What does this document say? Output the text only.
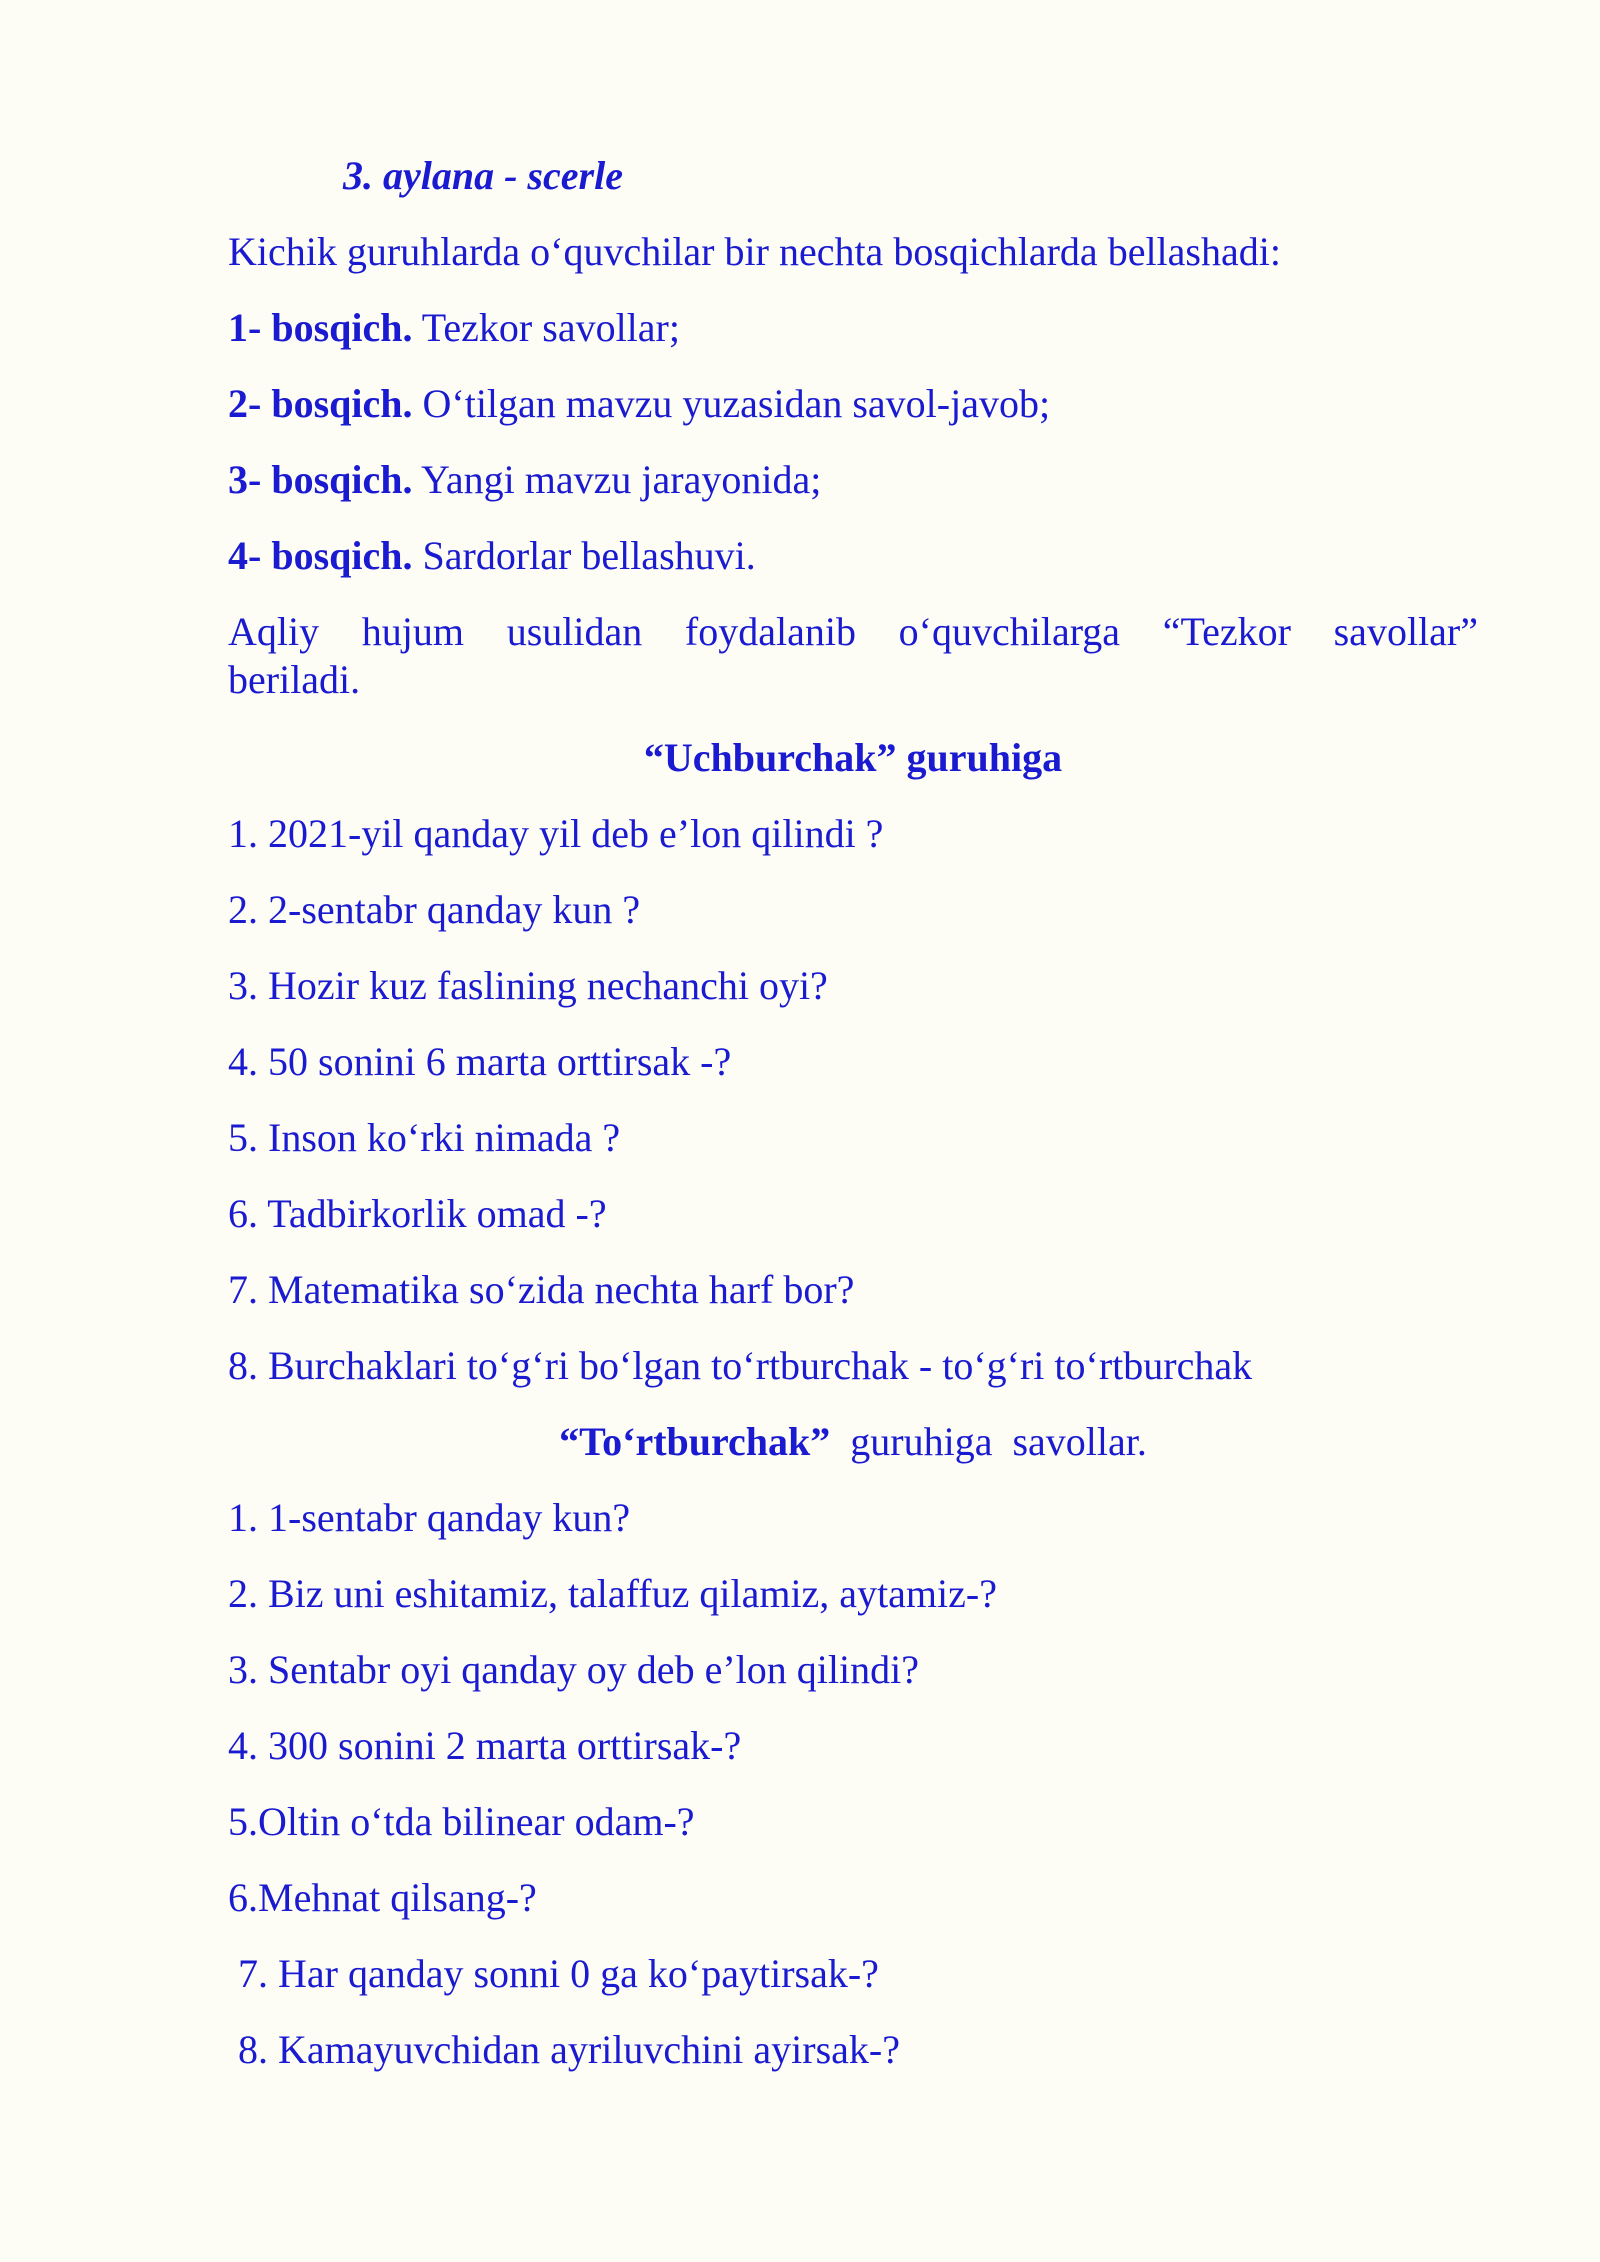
3. aylana - scerle
Kichik guruhlarda o‘quvchilar bir nechta bosqichlarda bellashadi:
1- bosqich. Tezkor savollar;
2- bosqich. O‘tilgan mavzu yuzasidan savol-javob;
3- bosqich. Yangi mavzu jarayonida;
4- bosqich. Sardorlar bellashuvi.
Aqliy hujum usulidan foydalanib o‘quvchilarga “Tezkor savollar”
beriladi.
“Uchburchak” guruhiga
1. 2021-yil qanday yil deb e’lon qilindi ?
2. 2-sentabr qanday kun ?
3. Hozir kuz faslining nechanchi oyi?
4. 50 sonini 6 marta orttirsak -?
5. Inson ko‘rki nimada ?
6. Tadbirkorlik omad -?
7. Matematika so‘zida nechta harf bor?
8. Burchaklari to‘g‘ri bo‘lgan to‘rtburchak - to‘g‘ri to‘rtburchak
“To‘rtburchak”  guruhiga  savollar.
1. 1-sentabr qanday kun?
2. Biz uni eshitamiz, talaffuz qilamiz, aytamiz-?
3. Sentabr oyi qanday oy deb e’lon qilindi?
4. 300 sonini 2 marta orttirsak-?
5.Oltin o‘tda bilinear odam-?
6.Mehnat qilsang-?
7. Har qanday sonni 0 ga ko‘paytirsak-?
8. Kamayuvchidan ayriluvchini ayirsak-?
